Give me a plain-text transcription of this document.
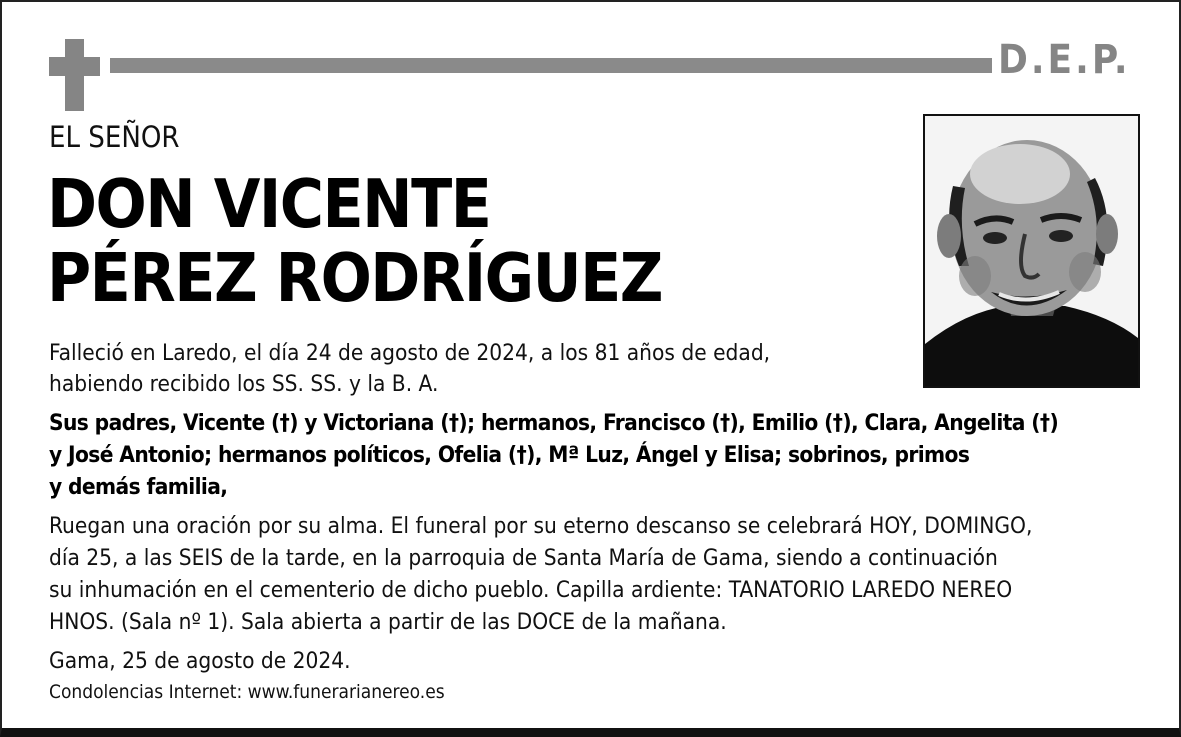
D.E.P.
EL SEÑOR
DON VICENTE
PÉREZ RODRÍGUEZ
Falleció en Laredo, el día 24 de agosto de 2024, a los 81 años de edad,
habiendo recibido los SS. SS. y la B. A.
Sus padres, Vicente (†) y Victoriana (†); hermanos, Francisco (†), Emilio (†), Clara, Angelita (†)
y José Antonio; hermanos políticos, Ofelia (†), Mª Luz, Ángel y Elisa; sobrinos, primos
y demás familia,
Ruegan una oración por su alma. El funeral por su eterno descanso se celebrará HOY, DOMINGO,
día 25, a las SEIS de la tarde, en la parroquia de Santa María de Gama, siendo a continuación
su inhumación en el cementerio de dicho pueblo. Capilla ardiente: TANATORIO LAREDO NEREO
HNOS. (Sala nº 1). Sala abierta a partir de las DOCE de la mañana.
Gama, 25 de agosto de 2024.
Condolencias Internet: www.funerarianereo.es
